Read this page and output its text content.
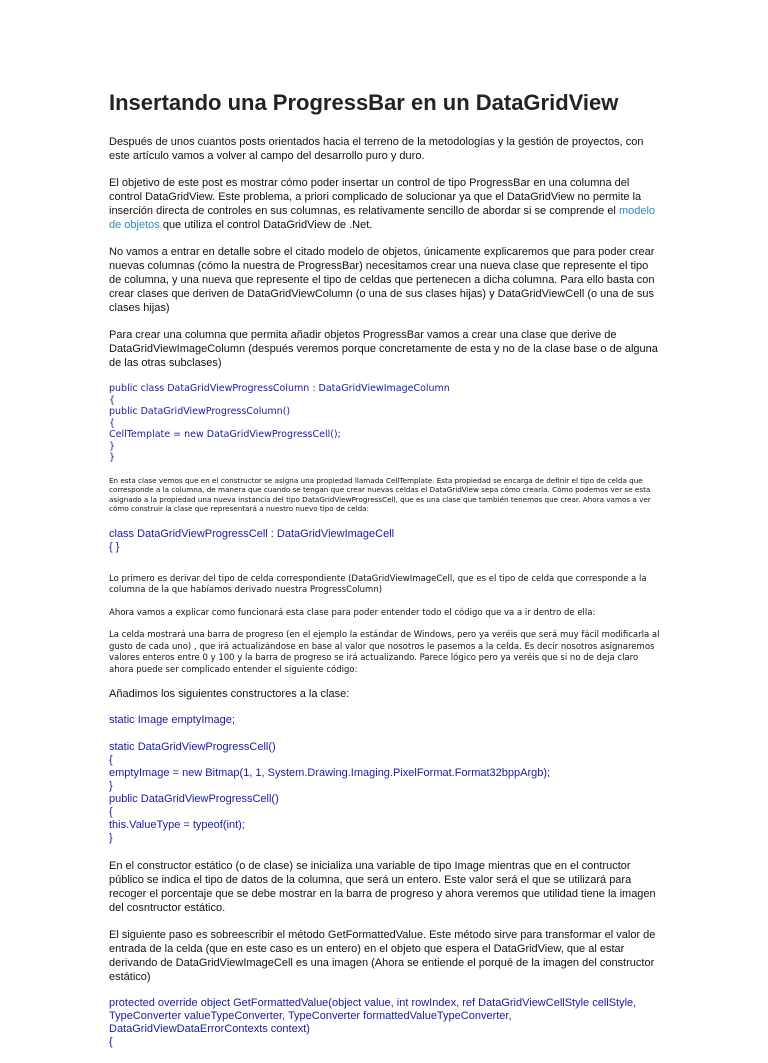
Insertando una ProgressBar en un DataGridView

Después de unos cuantos posts orientados hacia el terreno de la metodologías y la gestión de proyectos, con este artículo vamos a volver al campo del desarrollo puro y duro.

El objetivo de este post es mostrar cómo poder insertar un control de tipo ProgressBar en una columna del control DataGridView. Este problema, a priori complicado de solucionar ya que el DataGridView no permite la inserción directa de controles en sus columnas, es relativamente sencillo de abordar si se comprende el modelo de objetos que utiliza el control DataGridView de .Net.

No vamos a entrar en detalle sobre el citado modelo de objetos, únicamente explicaremos que para poder crear nuevas columnas (cómo la nuestra de ProgressBar) necesitamos crear una nueva clase que represente el tipo de columna, y una nueva que represente el tipo de celdas que pertenecen a dicha columna. Para ello basta con crear clases que deriven de DataGridViewColumn (o una de sus clases hijas) y DataGridViewCell (o una de sus clases hijas)

Para crear una columna que permita añadir objetos ProgressBar vamos a crear una clase que derive de DataGridViewImageColumn (después veremos porque concretamente de esta y no de la clase base o de alguna de las otras subclases)

public class DataGridViewProgressColumn : DataGridViewImageColumn
{
public DataGridViewProgressColumn()
{
CellTemplate = new DataGridViewProgressCell();
}
}

En esta clase vemos que en el constructor se asigna una propiedad llamada CellTemplate. Esta propiedad se encarga de definir el tipo de celda que corresponde a la columna, de manera que cuando se tengan que crear nuevas celdas el DataGridView sepa cómo crearla. Cómo podemos ver se esta asignado a la propiedad una nueva instancia del tipo DataGridViewProgressCell, que es una clase que también tenemos que crear. Ahora vamos a ver cómo construir la clase que representará a nuestro nuevo tipo de celda:

class DataGridViewProgressCell : DataGridViewImageCell
{ }

Lo primero es derivar del tipo de celda correspondiente (DataGridViewImageCell, que es el tipo de celda que corresponde a la columna de la que habíamos derivado nuestra ProgressColumn)

Ahora vamos a explicar como funcionará esta clase para poder entender todo el código que va a ir dentro de ella:

La celda mostrará una barra de progreso (en el ejemplo la estándar de Windows, pero ya veréis que será muy fácil modificarla al gusto de cada uno) , que irá actualizándose en base al valor que nosotros le pasemos a la celda. Es decir nosotros asignaremos valores enteros entre 0 y 100 y la barra de progreso se irá actualizando. Parece lógico pero ya veréis que si no de deja claro ahora puede ser complicado entender el siguiente código:

Añadimos los siguientes constructores a la clase:

static Image emptyImage;
static DataGridViewProgressCell()
{
emptyImage = new Bitmap(1, 1, System.Drawing.Imaging.PixelFormat.Format32bppArgb);
}
public DataGridViewProgressCell()
{
this.ValueType = typeof(int);
}

En el constructor estático (o de clase) se inicializa una variable de tipo Image mientras que en el contructor público se indica el tipo de datos de la columna, que será un entero. Este valor será el que se utilizará para recoger el porcentaje que se debe mostrar en la barra de progreso y ahora veremos que utilidad tiene la imagen del cosntructor estático.

El siguiente paso es sobreescribir el método GetFormattedValue. Este método sirve para transformar el valor de entrada de la celda (que en este caso es un entero) en el objeto que espera el DataGridView, que al estar derivando de DataGridViewImageCell es una imagen (Ahora se entiende el porqué de la imagen del constructor estático)

protected override object GetFormattedValue(object value, int rowIndex, ref DataGridViewCellStyle cellStyle,
TypeConverter valueTypeConverter, TypeConverter formattedValueTypeConverter,
DataGridViewDataErrorContexts context)
{
